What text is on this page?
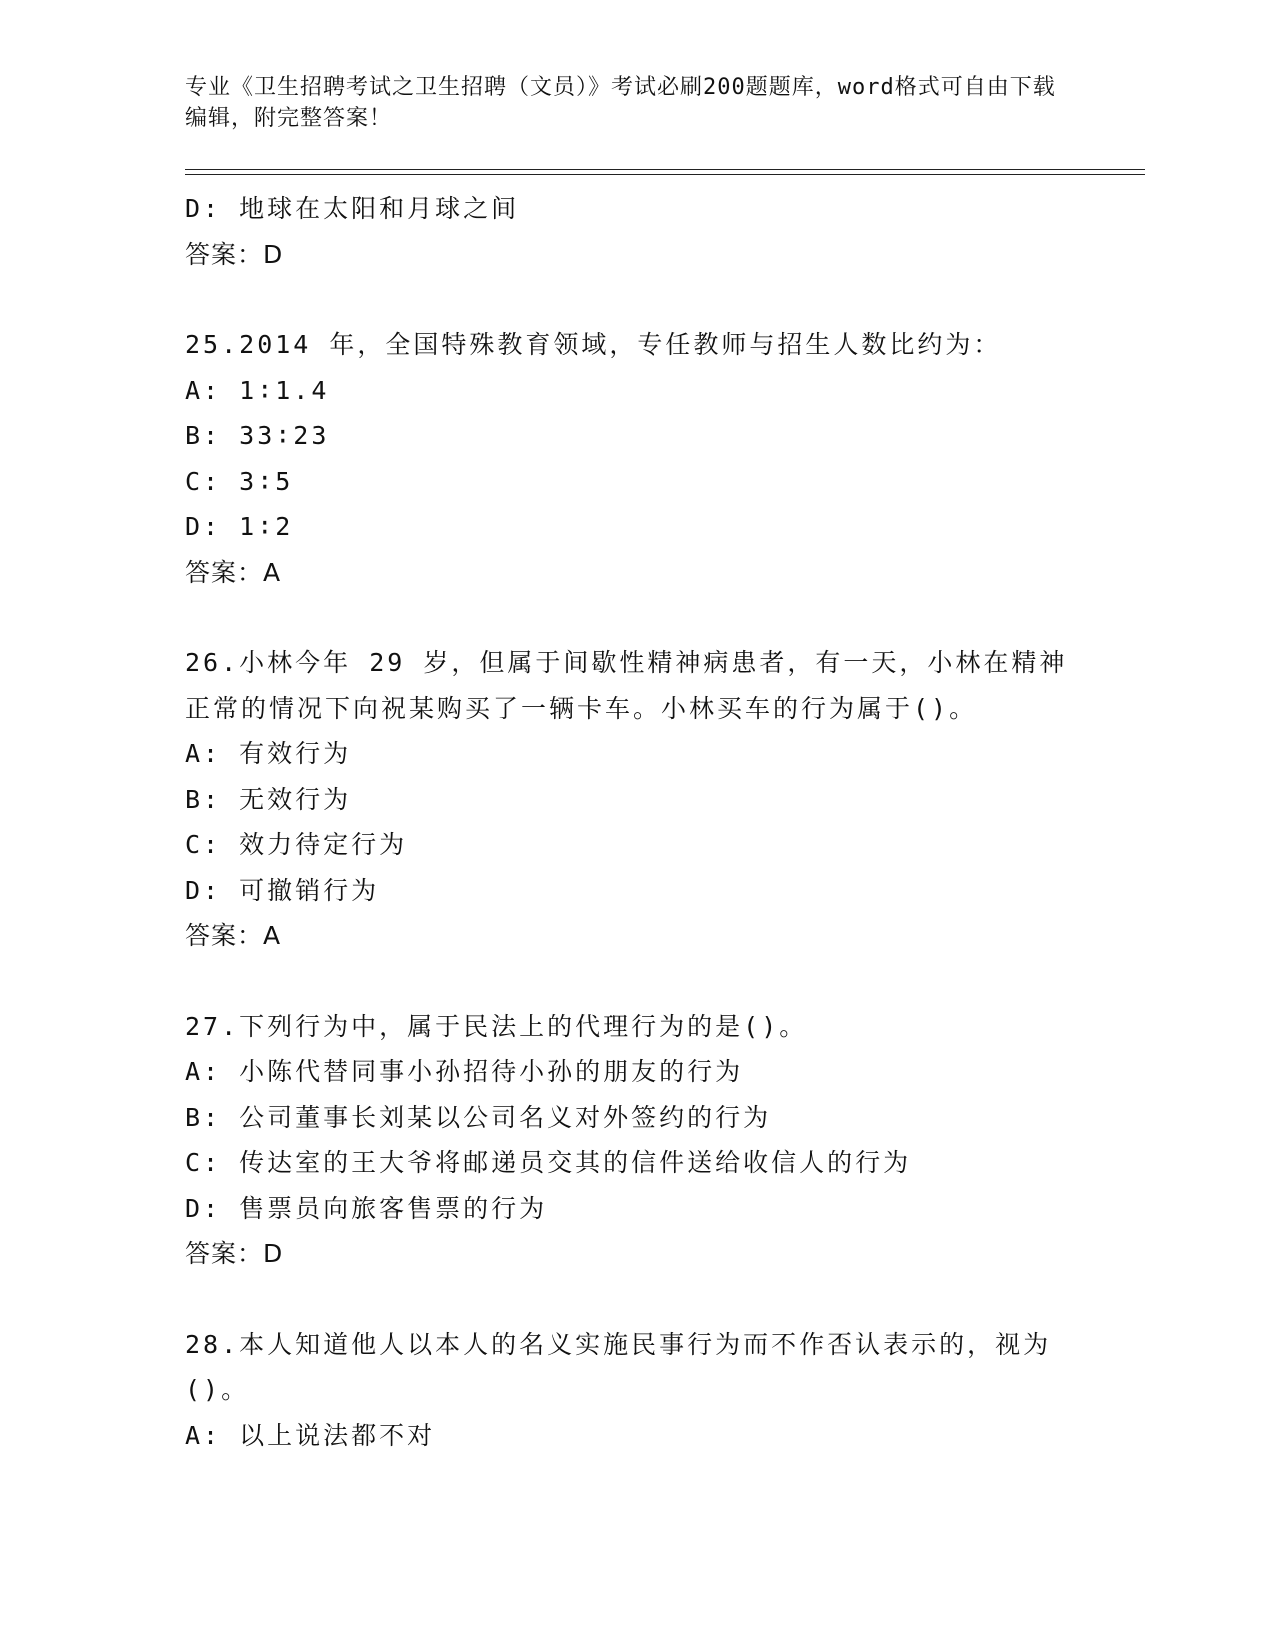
专业《卫生招聘考试之卫生招聘（文员）》考试必刷200题题库，word格式可自由下载编辑，附完整答案！
D: 地球在太阳和月球之间
答案：D
25.2014 年，全国特殊教育领域，专任教师与招生人数比约为：
A: 1∶1.4
B: 33∶23
C: 3∶5
D: 1∶2
答案：A
26.小林今年 29 岁，但属于间歇性精神病患者，有一天，小林在精神
正常的情况下向祝某购买了一辆卡车。小林买车的行为属于()。
A: 有效行为
B: 无效行为
C: 效力待定行为
D: 可撤销行为
答案：A
27.下列行为中，属于民法上的代理行为的是()。
A: 小陈代替同事小孙招待小孙的朋友的行为
B: 公司董事长刘某以公司名义对外签约的行为
C: 传达室的王大爷将邮递员交其的信件送给收信人的行为
D: 售票员向旅客售票的行为
答案：D
28.本人知道他人以本人的名义实施民事行为而不作否认表示的，视为
()。
A: 以上说法都不对
